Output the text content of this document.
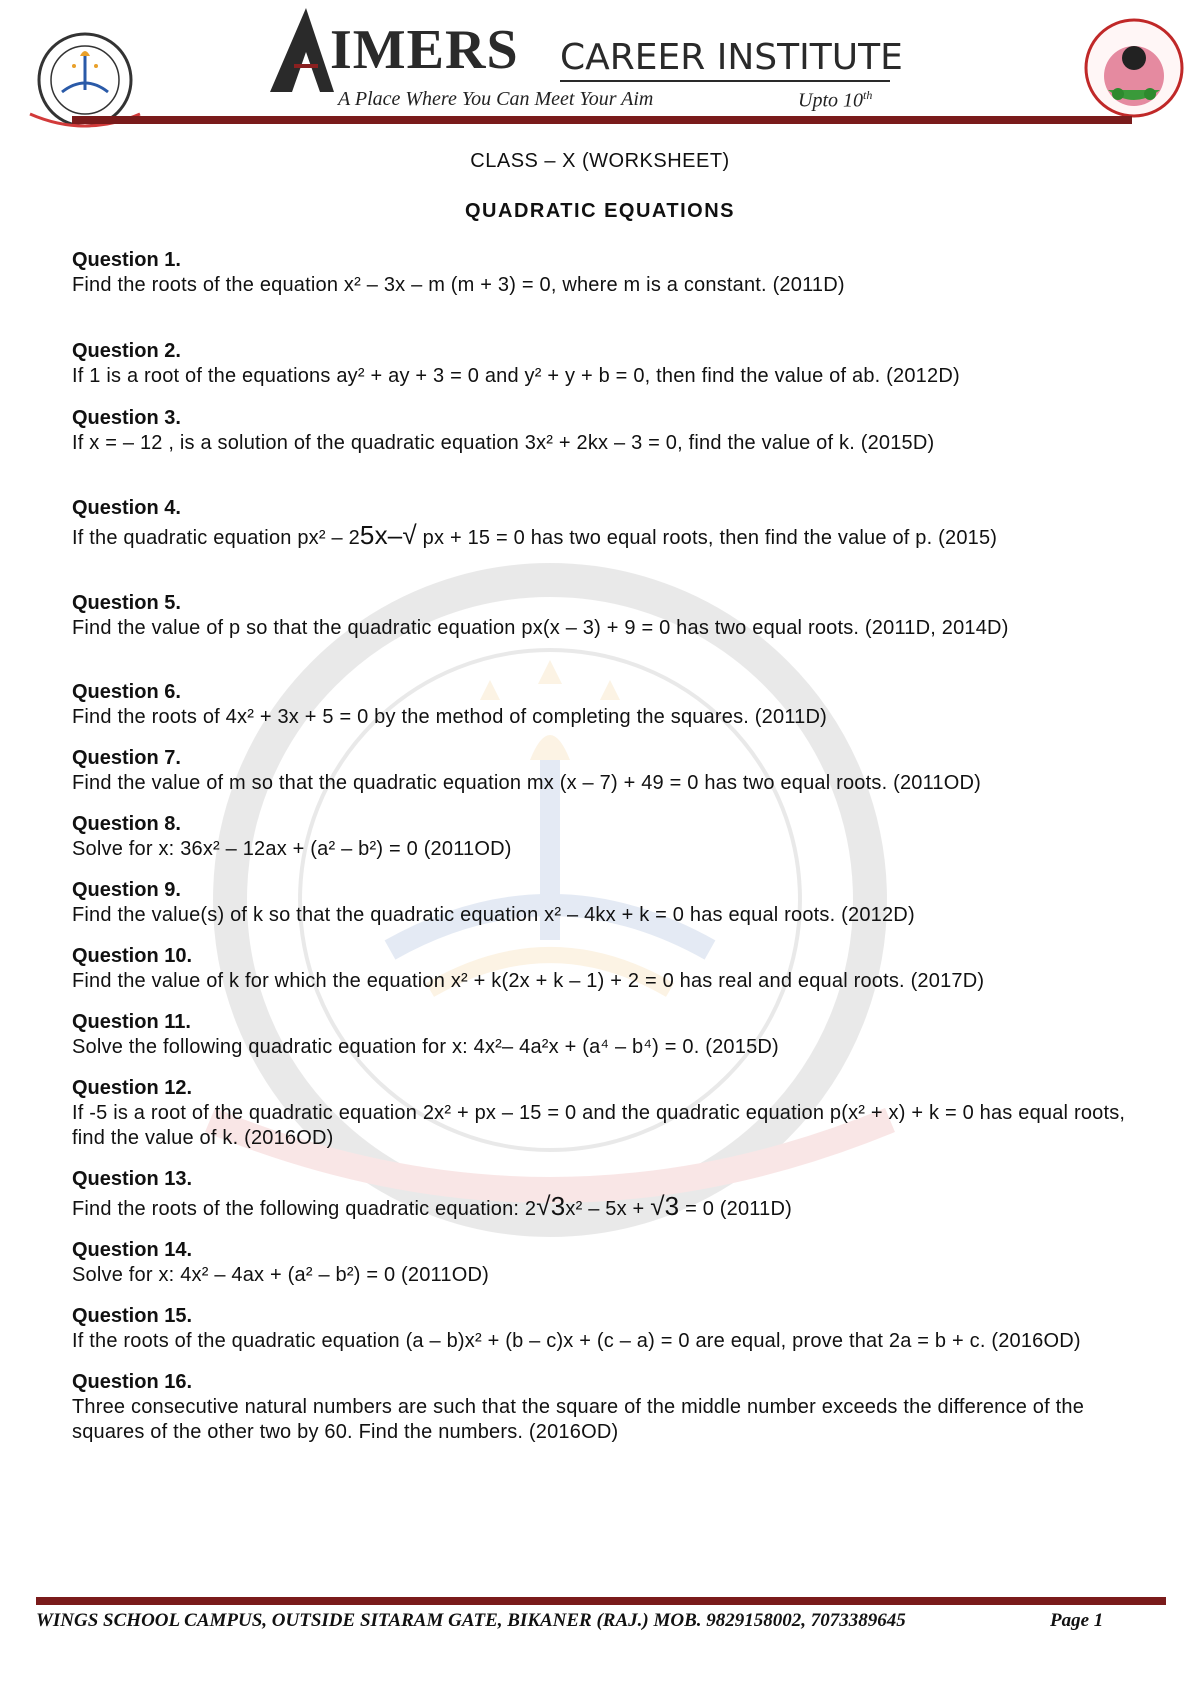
IMERS CAREER INSTITUTE
A Place Where You Can Meet Your Aim	Upto 10th
CLASS – X (WORKSHEET)
QUADRATIC EQUATIONS
Question 1.
Find the roots of the equation x² – 3x – m (m + 3) = 0, where m is a constant. (2011D)
Question 2.
If 1 is a root of the equations ay² + ay + 3 = 0 and y² + y + b = 0, then find the value of ab. (2012D)
Question 3.
If x = – 12 , is a solution of the quadratic equation 3x² + 2kx – 3 = 0, find the value of k. (2015D)
Question 4.
If the quadratic equation px² – 25x–√ px + 15 = 0 has two equal roots, then find the value of p. (2015)
Question 5.
Find the value of p so that the quadratic equation px(x – 3) + 9 = 0 has two equal roots. (2011D, 2014D)
Question 6.
Find the roots of 4x² + 3x + 5 = 0 by the method of completing the squares. (2011D)
Question 7.
Find the value of m so that the quadratic equation mx (x – 7) + 49 = 0 has two equal roots. (2011OD)
Question 8.
Solve for x: 36x² – 12ax + (a² – b²) = 0 (2011OD)
Question 9.
Find the value(s) of k so that the quadratic equation x² – 4kx + k = 0 has equal roots. (2012D)
Question 10.
Find the value of k for which the equation x² + k(2x + k – 1) + 2 = 0 has real and equal roots. (2017D)
Question 11.
Solve the following quadratic equation for x: 4x²– 4a²x + (a⁴ – b⁴) = 0. (2015D)
Question 12.
If -5 is a root of the quadratic equation 2x² + px – 15 = 0 and the quadratic equation p(x² + x) + k = 0 has equal roots, find the value of k. (2016OD)
Question 13.
Find the roots of the following quadratic equation: 2√3x² – 5x + √3 = 0 (2011D)
Question 14.
Solve for x: 4x² – 4ax + (a² – b²) = 0 (2011OD)
Question 15.
If the roots of the quadratic equation (a – b)x² + (b – c)x + (c – a) = 0 are equal, prove that 2a = b + c. (2016OD)
Question 16.
Three consecutive natural numbers are such that the square of the middle number exceeds the difference of the squares of the other two by 60. Find the numbers. (2016OD)
WINGS SCHOOL CAMPUS, OUTSIDE SITARAM GATE, BIKANER (RAJ.) MOB. 9829158002, 7073389645	Page 1
